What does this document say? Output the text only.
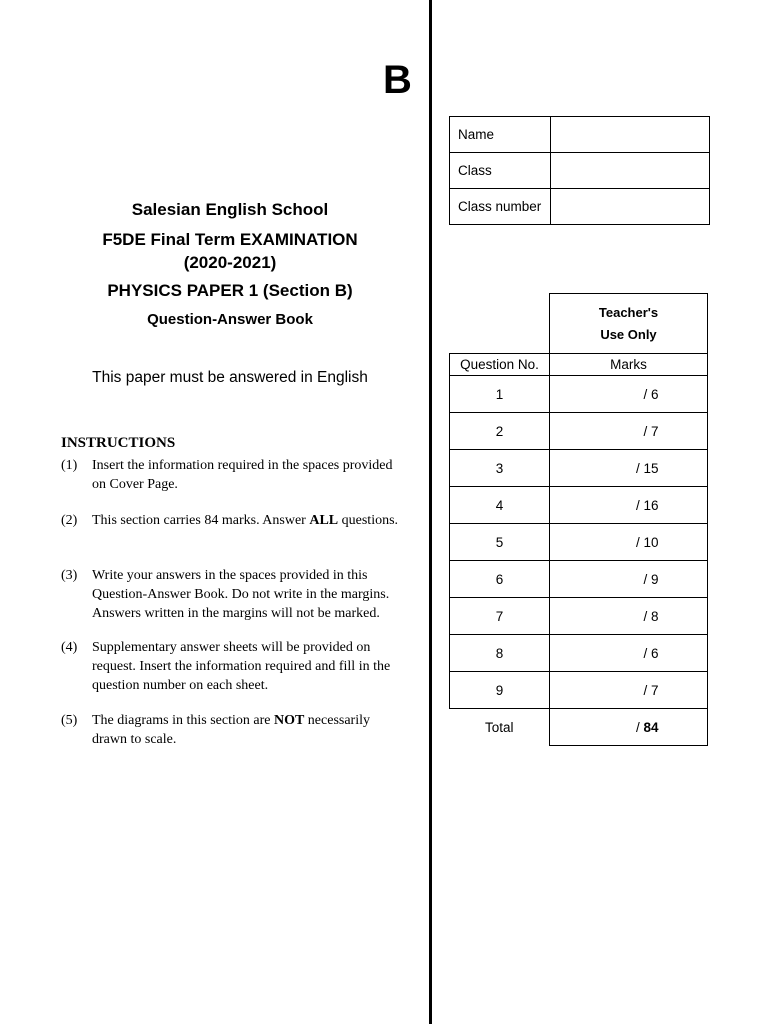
B
Salesian English School
F5DE Final Term EXAMINATION
(2020-2021)
PHYSICS PAPER 1 (Section B)
Question-Answer Book
This paper must be answered in English
INSTRUCTIONS
(1) Insert the information required in the spaces provided on Cover Page.
(2) This section carries 84 marks. Answer ALL questions.
(3) Write your answers in the spaces provided in this Question-Answer Book. Do not write in the margins. Answers written in the margins will not be marked.
(4) Supplementary answer sheets will be provided on request. Insert the information required and fill in the question number on each sheet.
(5) The diagrams in this section are NOT necessarily drawn to scale.
Name	
Class	
Class number	
	Teacher's
Use Only
Question No.	Marks
1	/ 6
2	/ 7
3	/ 15
4	/ 16
5	/ 10
6	/ 9
7	/ 8
8	/ 6
9	/ 7
Total	/ 84
